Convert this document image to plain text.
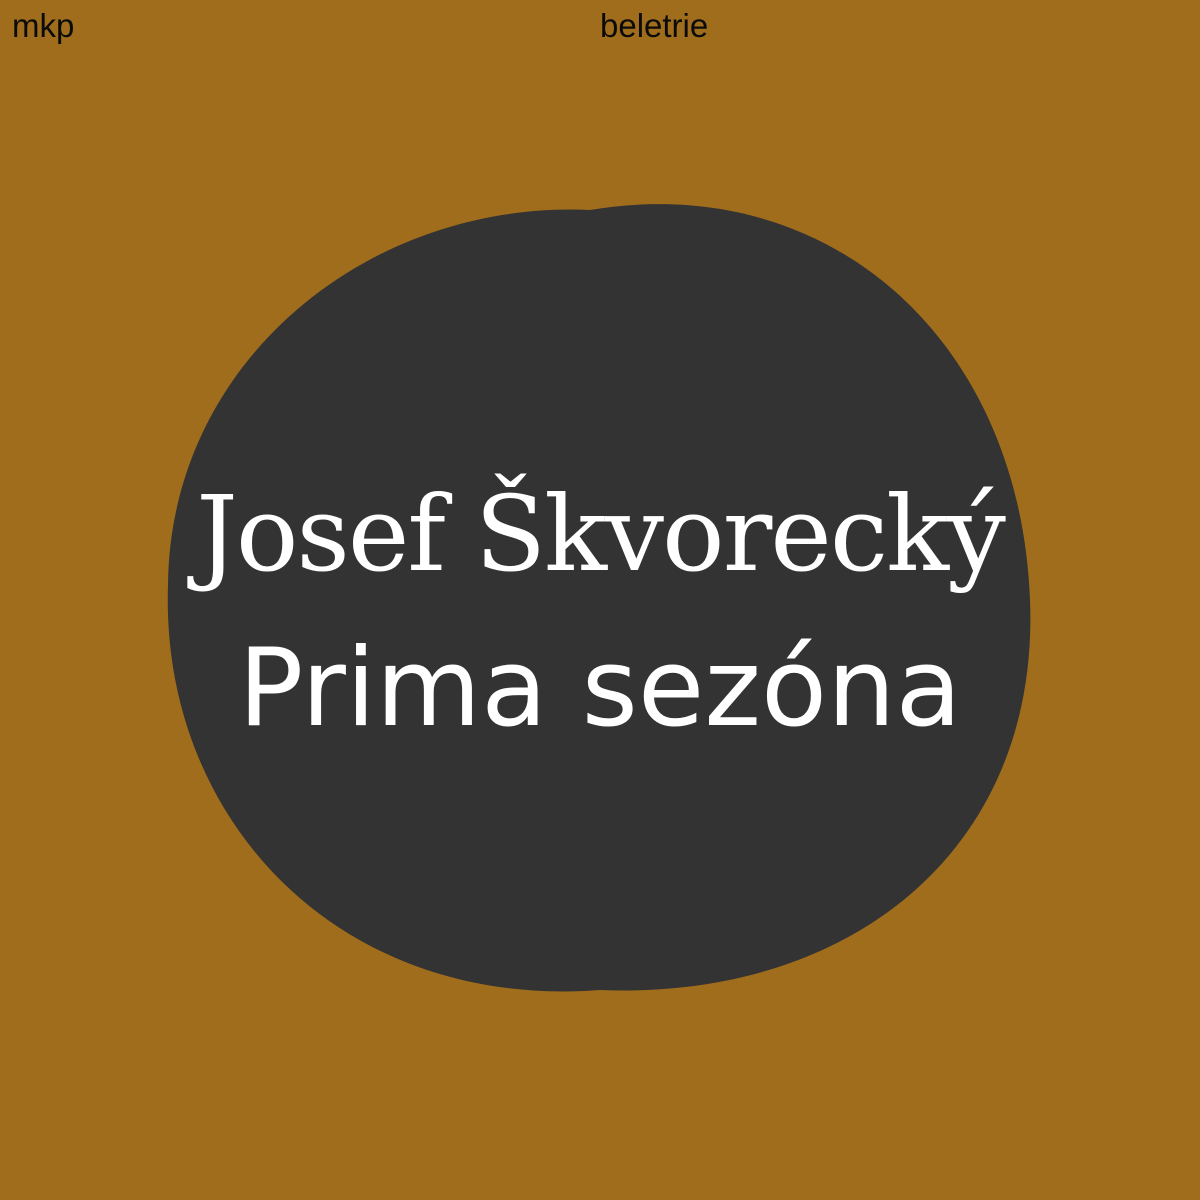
mkp	beletrie
Josef Škvorecký
Prima sezóna
